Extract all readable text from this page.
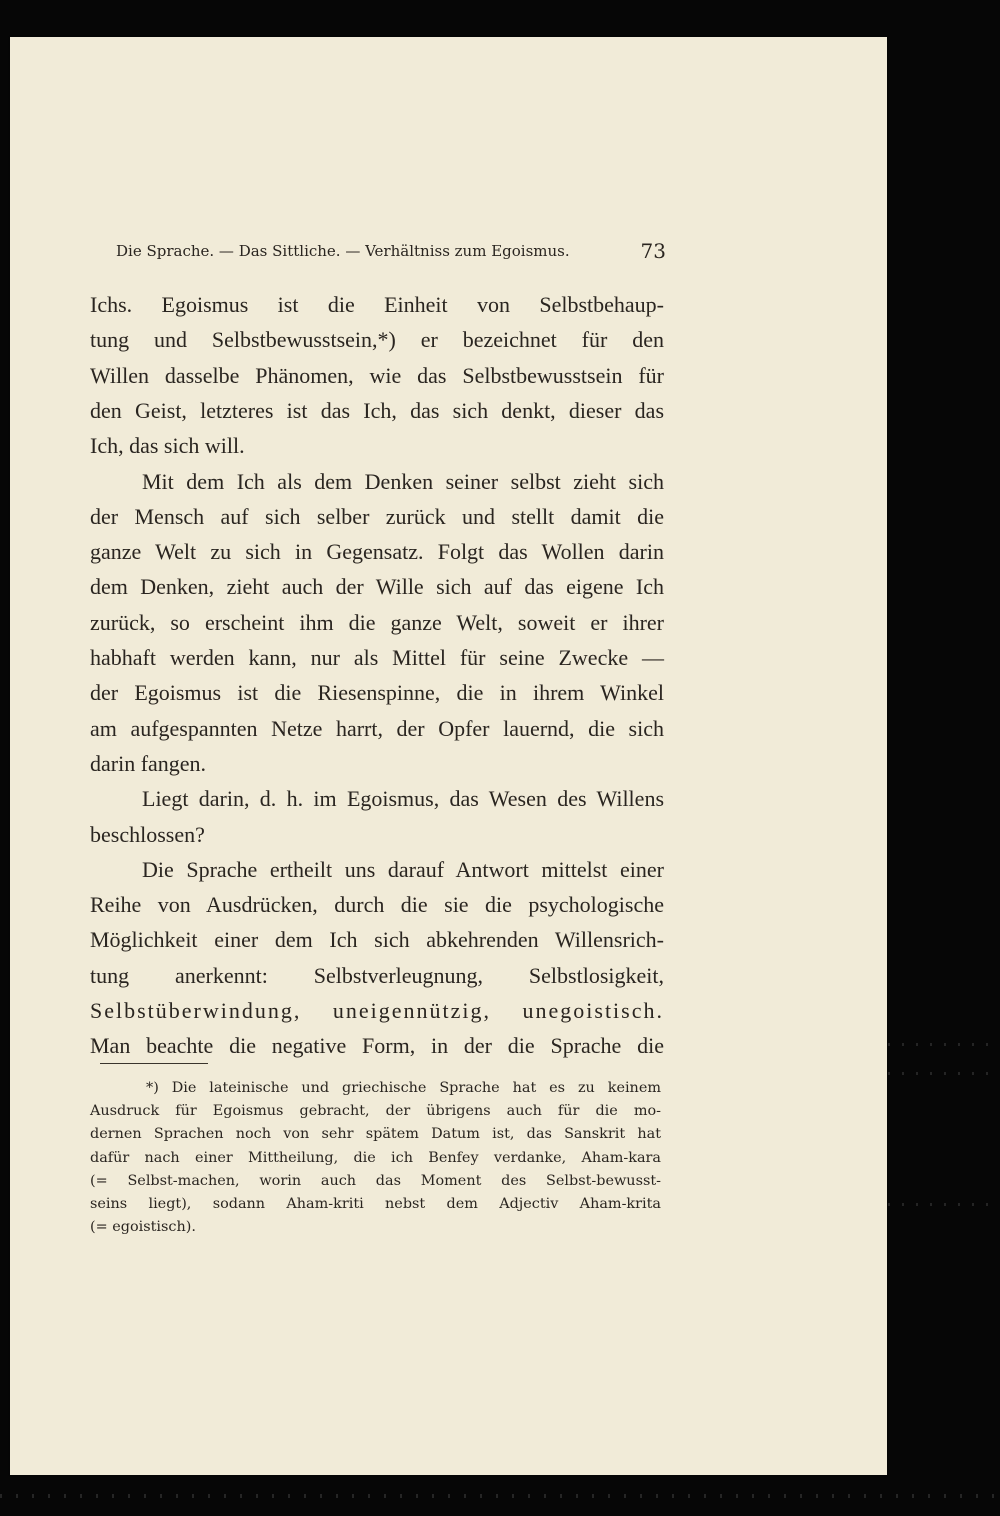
Die Sprache. — Das Sittliche. — Verhältniss zum Egoismus.	73
Ichs. Egoismus ist die Einheit von Selbstbehaup-
tung und Selbstbewusstsein,*) er bezeichnet für den
Willen dasselbe Phänomen, wie das Selbstbewusstsein für
den Geist, letzteres ist das Ich, das sich denkt, dieser das
Ich, das sich will.
Mit dem Ich als dem Denken seiner selbst zieht sich
der Mensch auf sich selber zurück und stellt damit die
ganze Welt zu sich in Gegensatz. Folgt das Wollen darin
dem Denken, zieht auch der Wille sich auf das eigene Ich
zurück, so erscheint ihm die ganze Welt, soweit er ihrer
habhaft werden kann, nur als Mittel für seine Zwecke —
der Egoismus ist die Riesenspinne, die in ihrem Winkel
am aufgespannten Netze harrt, der Opfer lauernd, die sich
darin fangen.
Liegt darin, d. h. im Egoismus, das Wesen des Willens
beschlossen?
Die Sprache ertheilt uns darauf Antwort mittelst einer
Reihe von Ausdrücken, durch die sie die psychologische
Möglichkeit einer dem Ich sich abkehrenden Willensrich-
tung anerkennt: Selbstverleugnung, Selbstlosigkeit,
Selbstüberwindung, uneigennützig, unegoistisch.
Man beachte die negative Form, in der die Sprache die
*) Die lateinische und griechische Sprache hat es zu keinem
Ausdruck für Egoismus gebracht, der übrigens auch für die mo-
dernen Sprachen noch von sehr spätem Datum ist, das Sanskrit hat
dafür nach einer Mittheilung, die ich Benfey verdanke, Aham-kara
(= Selbst-machen, worin auch das Moment des Selbst-bewusst-
seins liegt), sodann Aham-kriti nebst dem Adjectiv Aham-krita
(= egoistisch).
